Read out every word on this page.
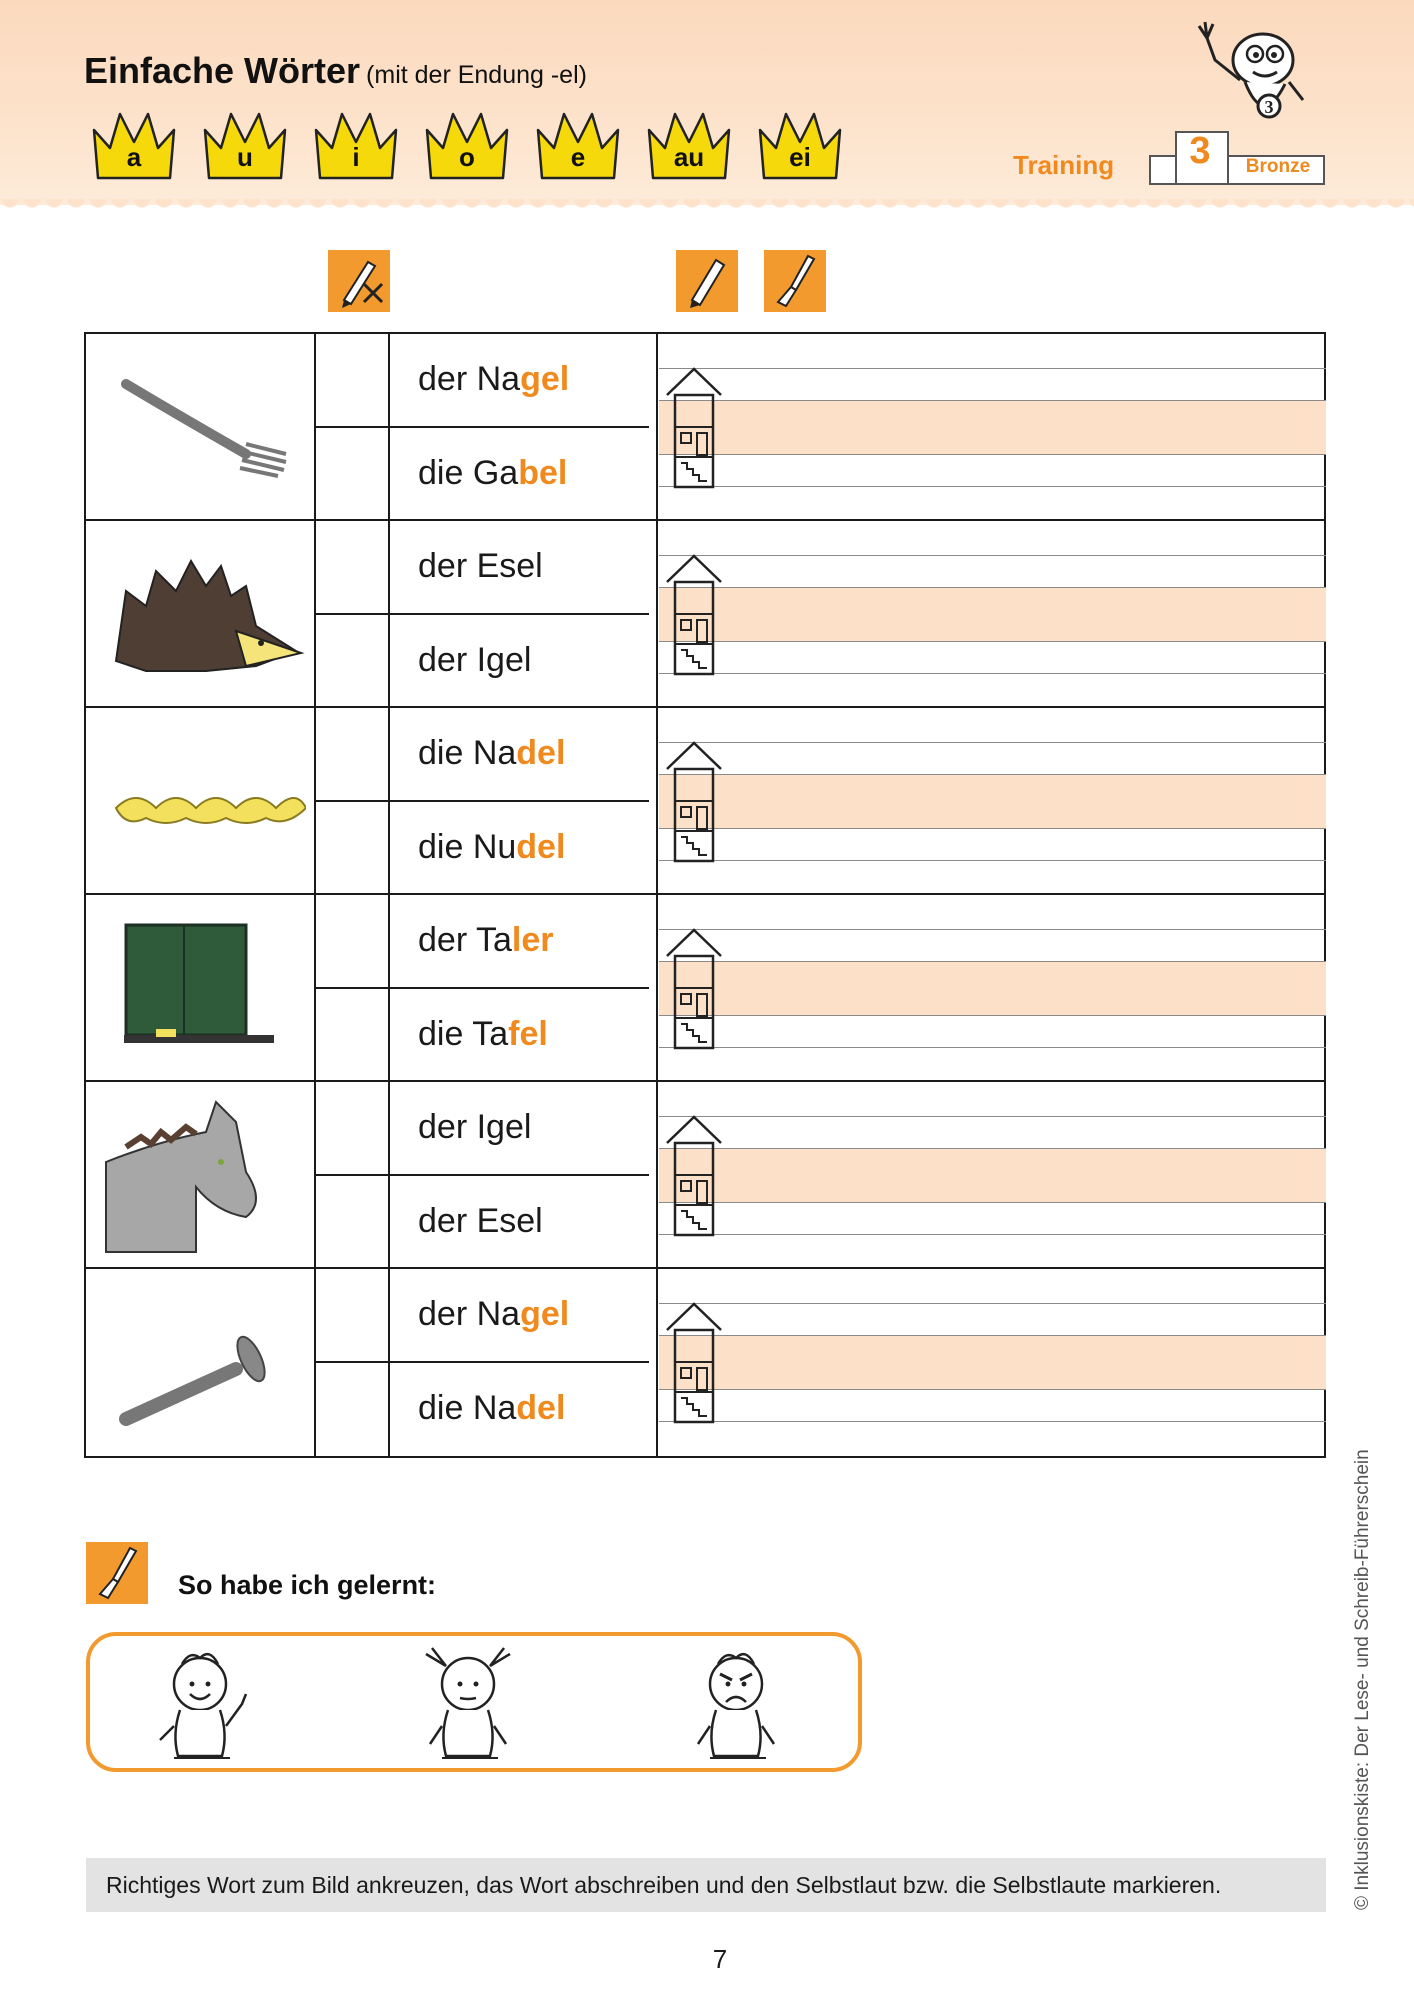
Einfache Wörter (mit der Endung -el)
a	u	i	o	e	au	ei
3
Training	3	Bronze
der Nagel
die Gabel
der Esel
der Igel
die Nadel
die Nudel
der Taler
die Tafel
der Igel
der Esel
der Nagel
die Nadel
So habe ich gelernt:
Richtiges Wort zum Bild ankreuzen, das Wort abschreiben und den Selbstlaut bzw. die Selbstlaute markieren.
7
© Inklusionskiste: Der Lese- und Schreib-Führerschein
